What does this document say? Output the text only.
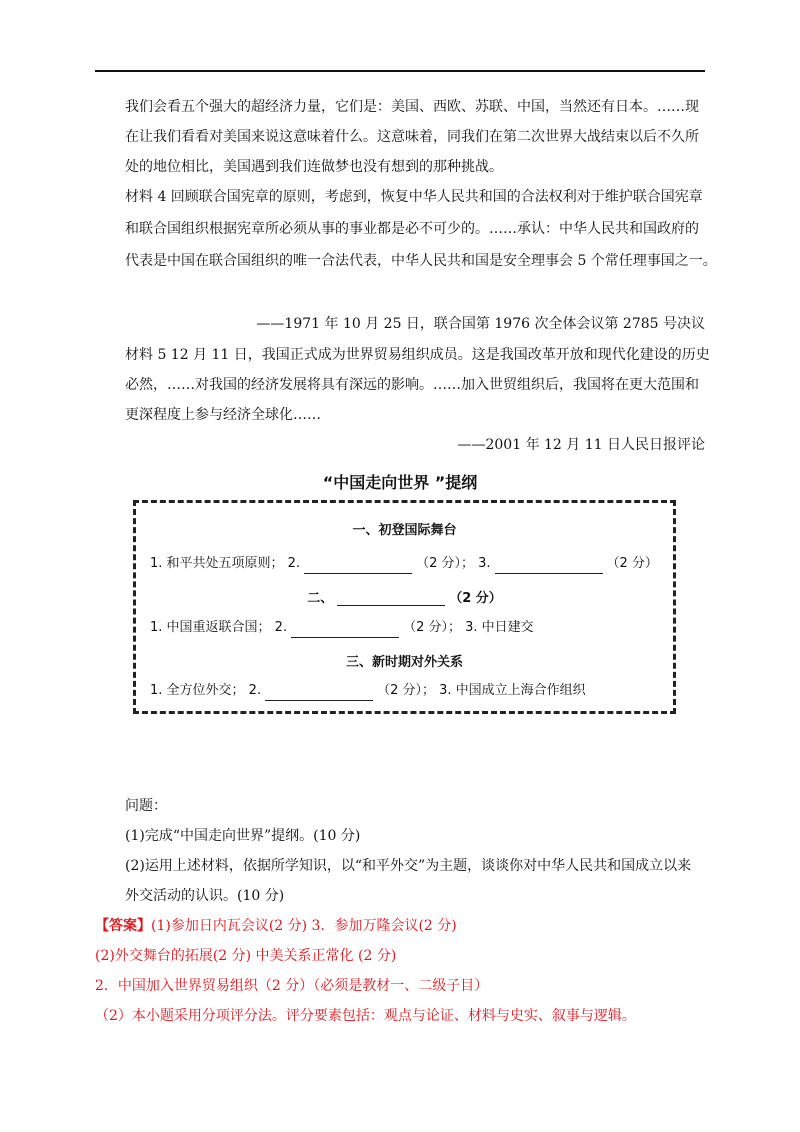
我们会看五个强大的超经济力量，它们是：美国、西欧、苏联、中国，当然还有日本。……现
在让我们看看对美国来说这意味着什么。这意味着，同我们在第二次世界大战结束以后不久所
处的地位相比，美国遇到我们连做梦也没有想到的那种挑战。
材料 4 回顾联合国宪章的原则，考虑到，恢复中华人民共和国的合法权利对于维护联合国宪章
和联合国组织根据宪章所必须从事的事业都是必不可少的。……承认：中华人民共和国政府的
代表是中国在联合国组织的唯一合法代表，中华人民共和国是安全理事会 5 个常任理事国之一。
——1971 年 10 月 25 日，联合国第 1976 次全体会议第 2785 号决议
材料 5 12 月 11 日，我国正式成为世界贸易组织成员。这是我国改革开放和现代化建设的历史
必然，……对我国的经济发展将具有深远的影响。……加入世贸组织后，我国将在更大范围和
更深程度上参与经济全球化……
——2001 年 12 月 11 日人民日报评论
“中国走向世界 ”提纲
一、初登国际舞台
1. 和平共处五项原则； 2.	（2 分）； 3.	（2 分）
二、	（2 分）
1. 中国重返联合国； 2.	（2 分）； 3. 中日建交
三、新时期对外关系
1. 全方位外交； 2.	（2 分）； 3. 中国成立上海合作组织
问题：
(1)完成“中国走向世界”提纲。(10 分)
(2)运用上述材料，依据所学知识，以“和平外交”为主题，谈谈你对中华人民共和国成立以来
外交活动的认识。(10 分)
【答案】(1)参加日内瓦会议(2 分) 3．参加万隆会议(2 分)
(2)外交舞台的拓展(2 分) 中美关系正常化 (2 分)
2．中国加入世界贸易组织（2 分）（必须是教材一、二级子目）
（2）本小题采用分项评分法。评分要素包括：观点与论证、材料与史实、叙事与逻辑。
